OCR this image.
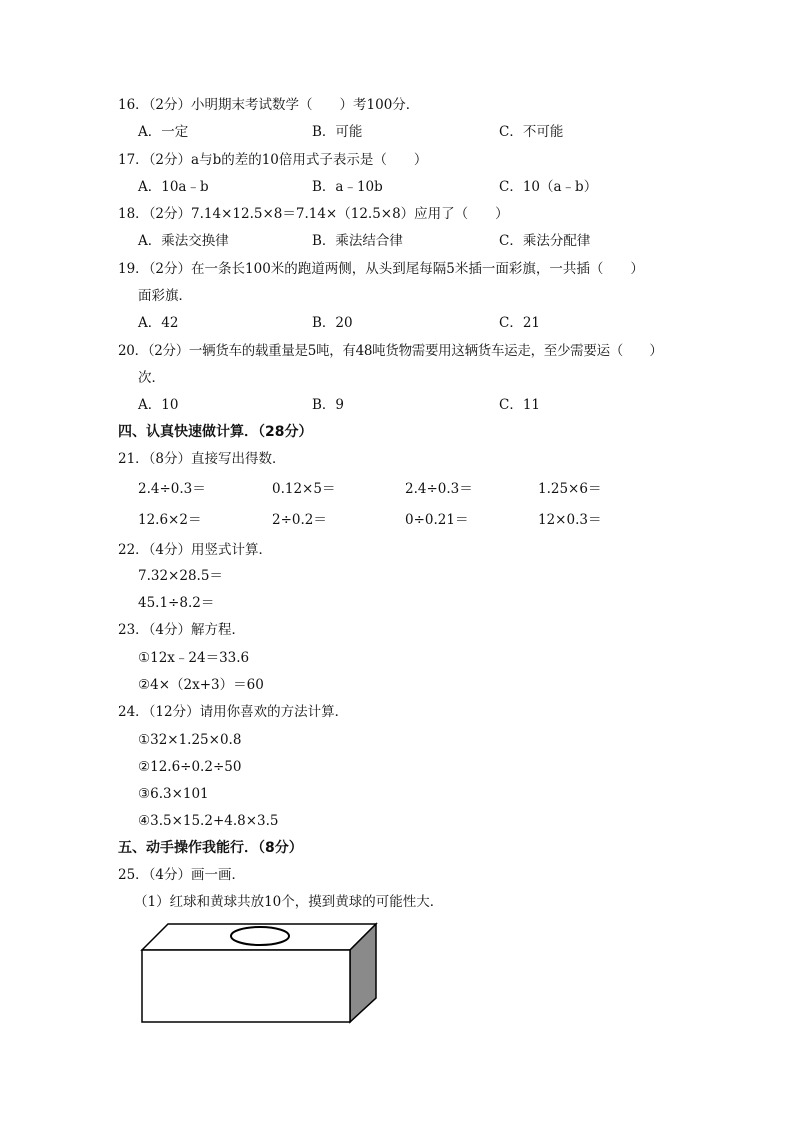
16．（2分）小明期末考试数学（　　）考100分．
A．一定	B．可能	C．不可能
17．（2分）a与b的差的10倍用式子表示是（　　）
A．10a﹣b	B．a﹣10b	C．10（a﹣b）
18．（2分）7.14×12.5×8＝7.14×（12.5×8）应用了（　　）
A．乘法交换律	B．乘法结合律	C．乘法分配律
19．（2分）在一条长100米的跑道两侧，从头到尾每隔5米插一面彩旗，一共插（　　）
面彩旗．
A．42	B．20	C．21
20．（2分）一辆货车的载重量是5吨，有48吨货物需要用这辆货车运走，至少需要运（　　）
次．
A．10	B．9	C．11
四、认真快速做计算．（28分）
21．（8分）直接写出得数．
2.4÷0.3＝	0.12×5＝	2.4÷0.3＝	1.25×6＝
12.6×2＝	2÷0.2＝	0÷0.21＝	12×0.3＝
22．（4分）用竖式计算．
7.32×28.5＝
45.1÷8.2＝
23．（4分）解方程．
①12x﹣24＝33.6
②4×（2x+3）＝60
24．（12分）请用你喜欢的方法计算．
①32×1.25×0.8
②12.6÷0.2÷50
③6.3×101
④3.5×15.2+4.8×3.5
五、动手操作我能行．（8分）
25．（4分）画一画．
（1）红球和黄球共放10个，摸到黄球的可能性大．
